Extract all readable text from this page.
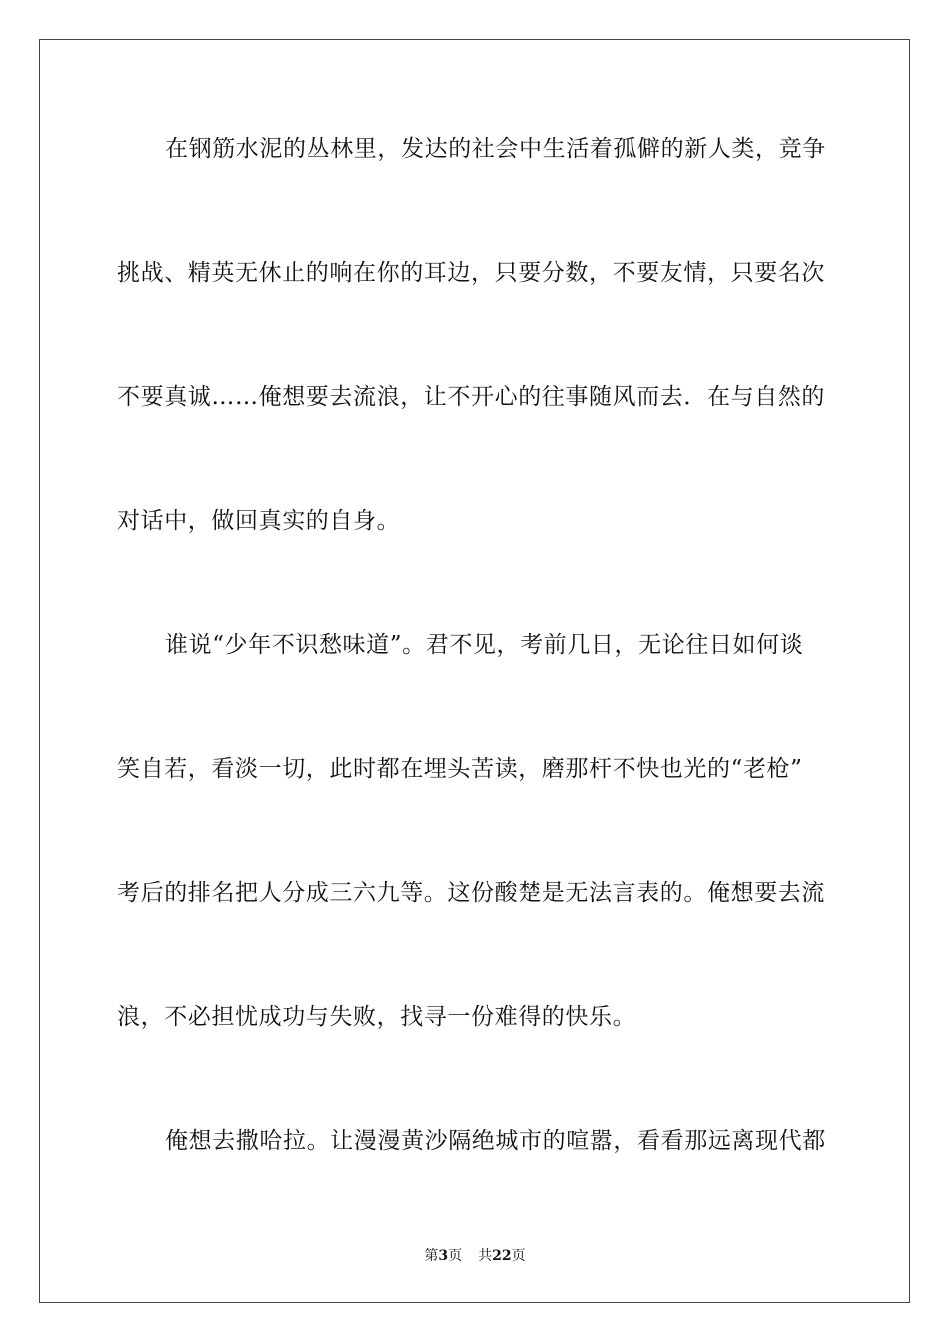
在钢筋水泥的丛林里，发达的社会中生活着孤僻的新人类，竞争
挑战、精英无休止的响在你的耳边，只要分数，不要友情，只要名次
不要真诚……俺想要去流浪，让不开心的往事随风而去．在与自然的
对话中，做回真实的自身。
谁说“少年不识愁味道”。君不见，考前几日，无论往日如何谈
笑自若，看淡一切，此时都在埋头苦读，磨那杆不快也光的“老枪”
考后的排名把人分成三六九等。这份酸楚是无法言表的。俺想要去流
浪，不必担忧成功与失败，找寻一份难得的快乐。
俺想去撒哈拉。让漫漫黄沙隔绝城市的喧嚣，看看那远离现代都
第3页 共22页
